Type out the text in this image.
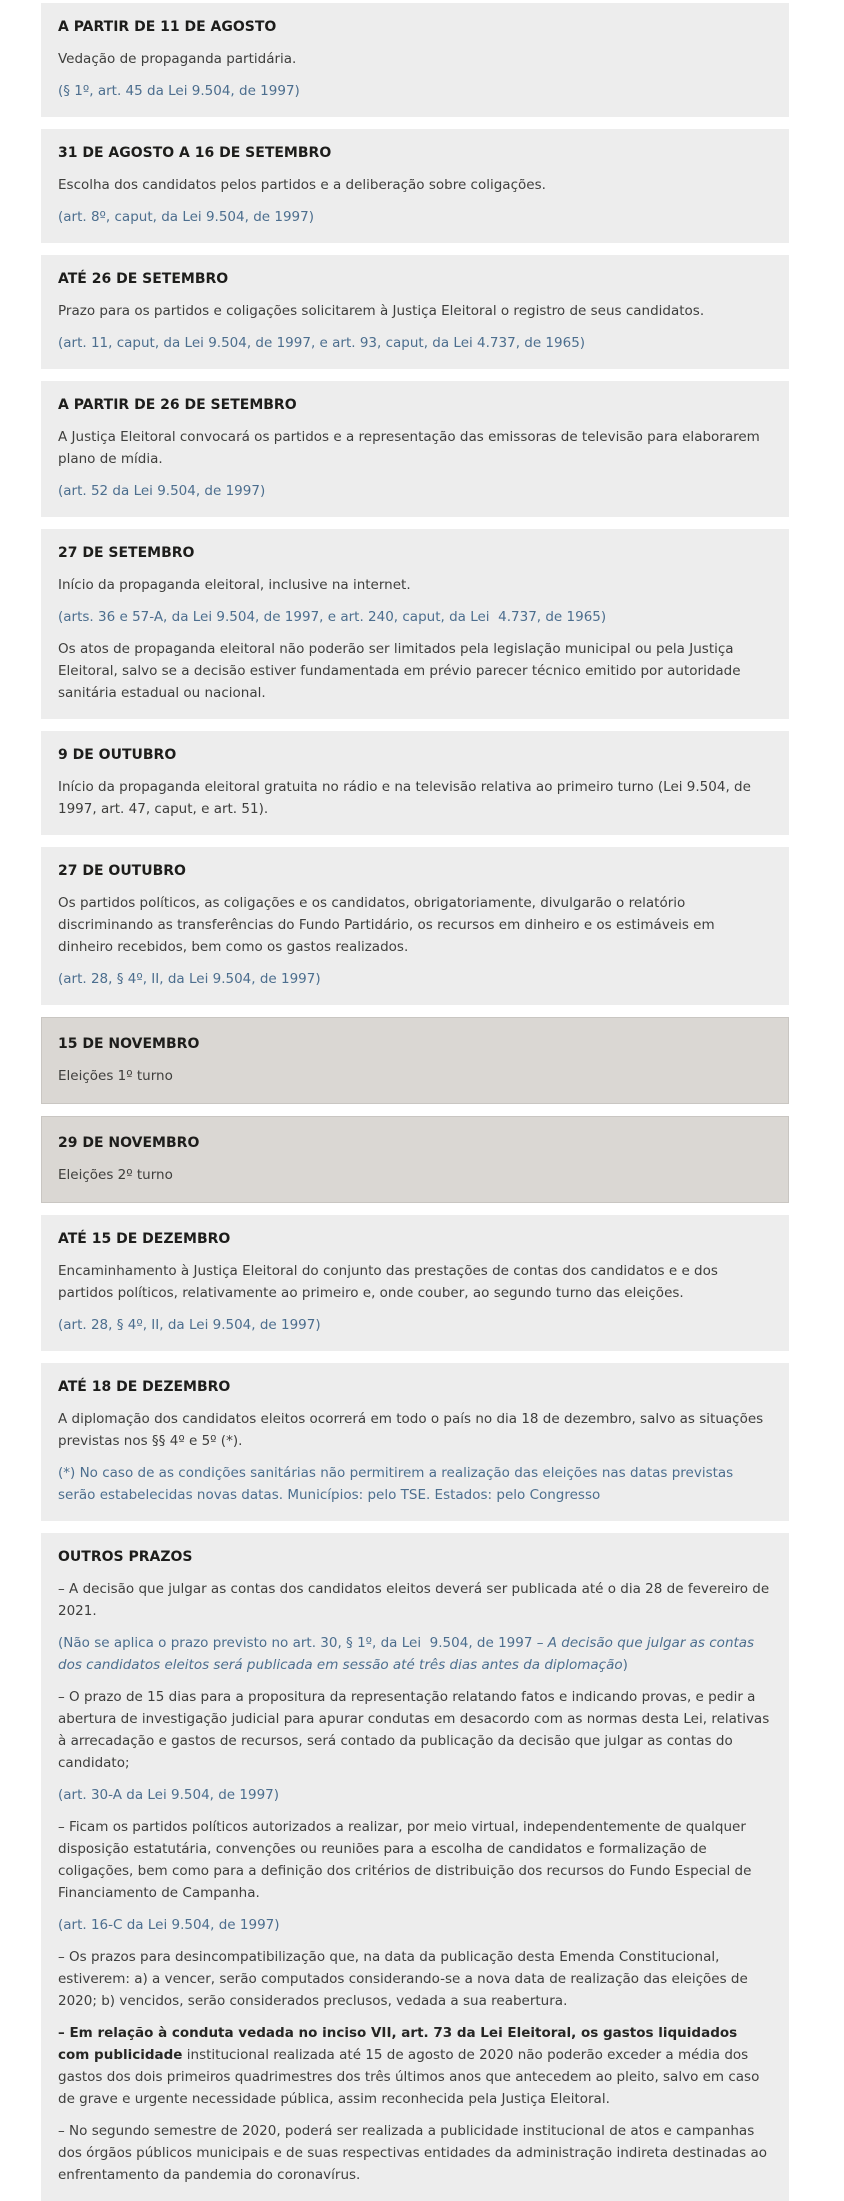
A PARTIR DE 11 DE AGOSTO

Vedação de propaganda partidária.

(§ 1º, art. 45 da Lei 9.504, de 1997)

31 DE AGOSTO A 16 DE SETEMBRO

Escolha dos candidatos pelos partidos e a deliberação sobre coligações.

(art. 8º, caput, da Lei 9.504, de 1997)

ATÉ 26 DE SETEMBRO

Prazo para os partidos e coligações solicitarem à Justiça Eleitoral o registro de seus candidatos.

(art. 11, caput, da Lei 9.504, de 1997, e art. 93, caput, da Lei 4.737, de 1965)

A PARTIR DE 26 DE SETEMBRO

A Justiça Eleitoral convocará os partidos e a representação das emissoras de televisão para elaborarem plano de mídia.

(art. 52 da Lei 9.504, de 1997)

27 DE SETEMBRO

Início da propaganda eleitoral, inclusive na internet.

(arts. 36 e 57-A, da Lei 9.504, de 1997, e art. 240, caput, da Lei  4.737, de 1965)

Os atos de propaganda eleitoral não poderão ser limitados pela legislação municipal ou pela Justiça Eleitoral, salvo se a decisão estiver fundamentada em prévio parecer técnico emitido por autoridade sanitária estadual ou nacional.

9 DE OUTUBRO

Início da propaganda eleitoral gratuita no rádio e na televisão relativa ao primeiro turno (Lei 9.504, de 1997, art. 47, caput, e art. 51).

27 DE OUTUBRO

Os partidos políticos, as coligações e os candidatos, obrigatoriamente, divulgarão o relatório discriminando as transferências do Fundo Partidário, os recursos em dinheiro e os estimáveis em dinheiro recebidos, bem como os gastos realizados.

(art. 28, § 4º, II, da Lei 9.504, de 1997)

15 DE NOVEMBRO

Eleições 1º turno

29 DE NOVEMBRO

Eleições 2º turno

ATÉ 15 DE DEZEMBRO

Encaminhamento à Justiça Eleitoral do conjunto das prestações de contas dos candidatos e e dos partidos políticos, relativamente ao primeiro e, onde couber, ao segundo turno das eleições.

(art. 28, § 4º, II, da Lei 9.504, de 1997)

ATÉ 18 DE DEZEMBRO

A diplomação dos candidatos eleitos ocorrerá em todo o país no dia 18 de dezembro, salvo as situações previstas nos §§ 4º e 5º (*).

(*) No caso de as condições sanitárias não permitirem a realização das eleições nas datas previstas serão estabelecidas novas datas. Municípios: pelo TSE. Estados: pelo Congresso

OUTROS PRAZOS

– A decisão que julgar as contas dos candidatos eleitos deverá ser publicada até o dia 28 de fevereiro de 2021.

(Não se aplica o prazo previsto no art. 30, § 1º, da Lei  9.504, de 1997 – A decisão que julgar as contas dos candidatos eleitos será publicada em sessão até três dias antes da diplomação)

– O prazo de 15 dias para a propositura da representação relatando fatos e indicando provas, e pedir a abertura de investigação judicial para apurar condutas em desacordo com as normas desta Lei, relativas à arrecadação e gastos de recursos, será contado da publicação da decisão que julgar as contas do candidato;

(art. 30-A da Lei 9.504, de 1997)

– Ficam os partidos políticos autorizados a realizar, por meio virtual, independentemente de qualquer disposição estatutária, convenções ou reuniões para a escolha de candidatos e formalização de coligações, bem como para a definição dos critérios de distribuição dos recursos do Fundo Especial de Financiamento de Campanha.

(art. 16-C da Lei 9.504, de 1997)

– Os prazos para desincompatibilização que, na data da publicação desta Emenda Constitucional, estiverem: a) a vencer, serão computados considerando-se a nova data de realização das eleições de 2020; b) vencidos, serão considerados preclusos, vedada a sua reabertura.

– Em relação à conduta vedada no inciso VII, art. 73 da Lei Eleitoral, os gastos liquidados com publicidade institucional realizada até 15 de agosto de 2020 não poderão exceder a média dos gastos dos dois primeiros quadrimestres dos três últimos anos que antecedem ao pleito, salvo em caso de grave e urgente necessidade pública, assim reconhecida pela Justiça Eleitoral.

– No segundo semestre de 2020, poderá ser realizada a publicidade institucional de atos e campanhas dos órgãos públicos municipais e de suas respectivas entidades da administração indireta destinadas ao enfrentamento da pandemia do coronavírus.
